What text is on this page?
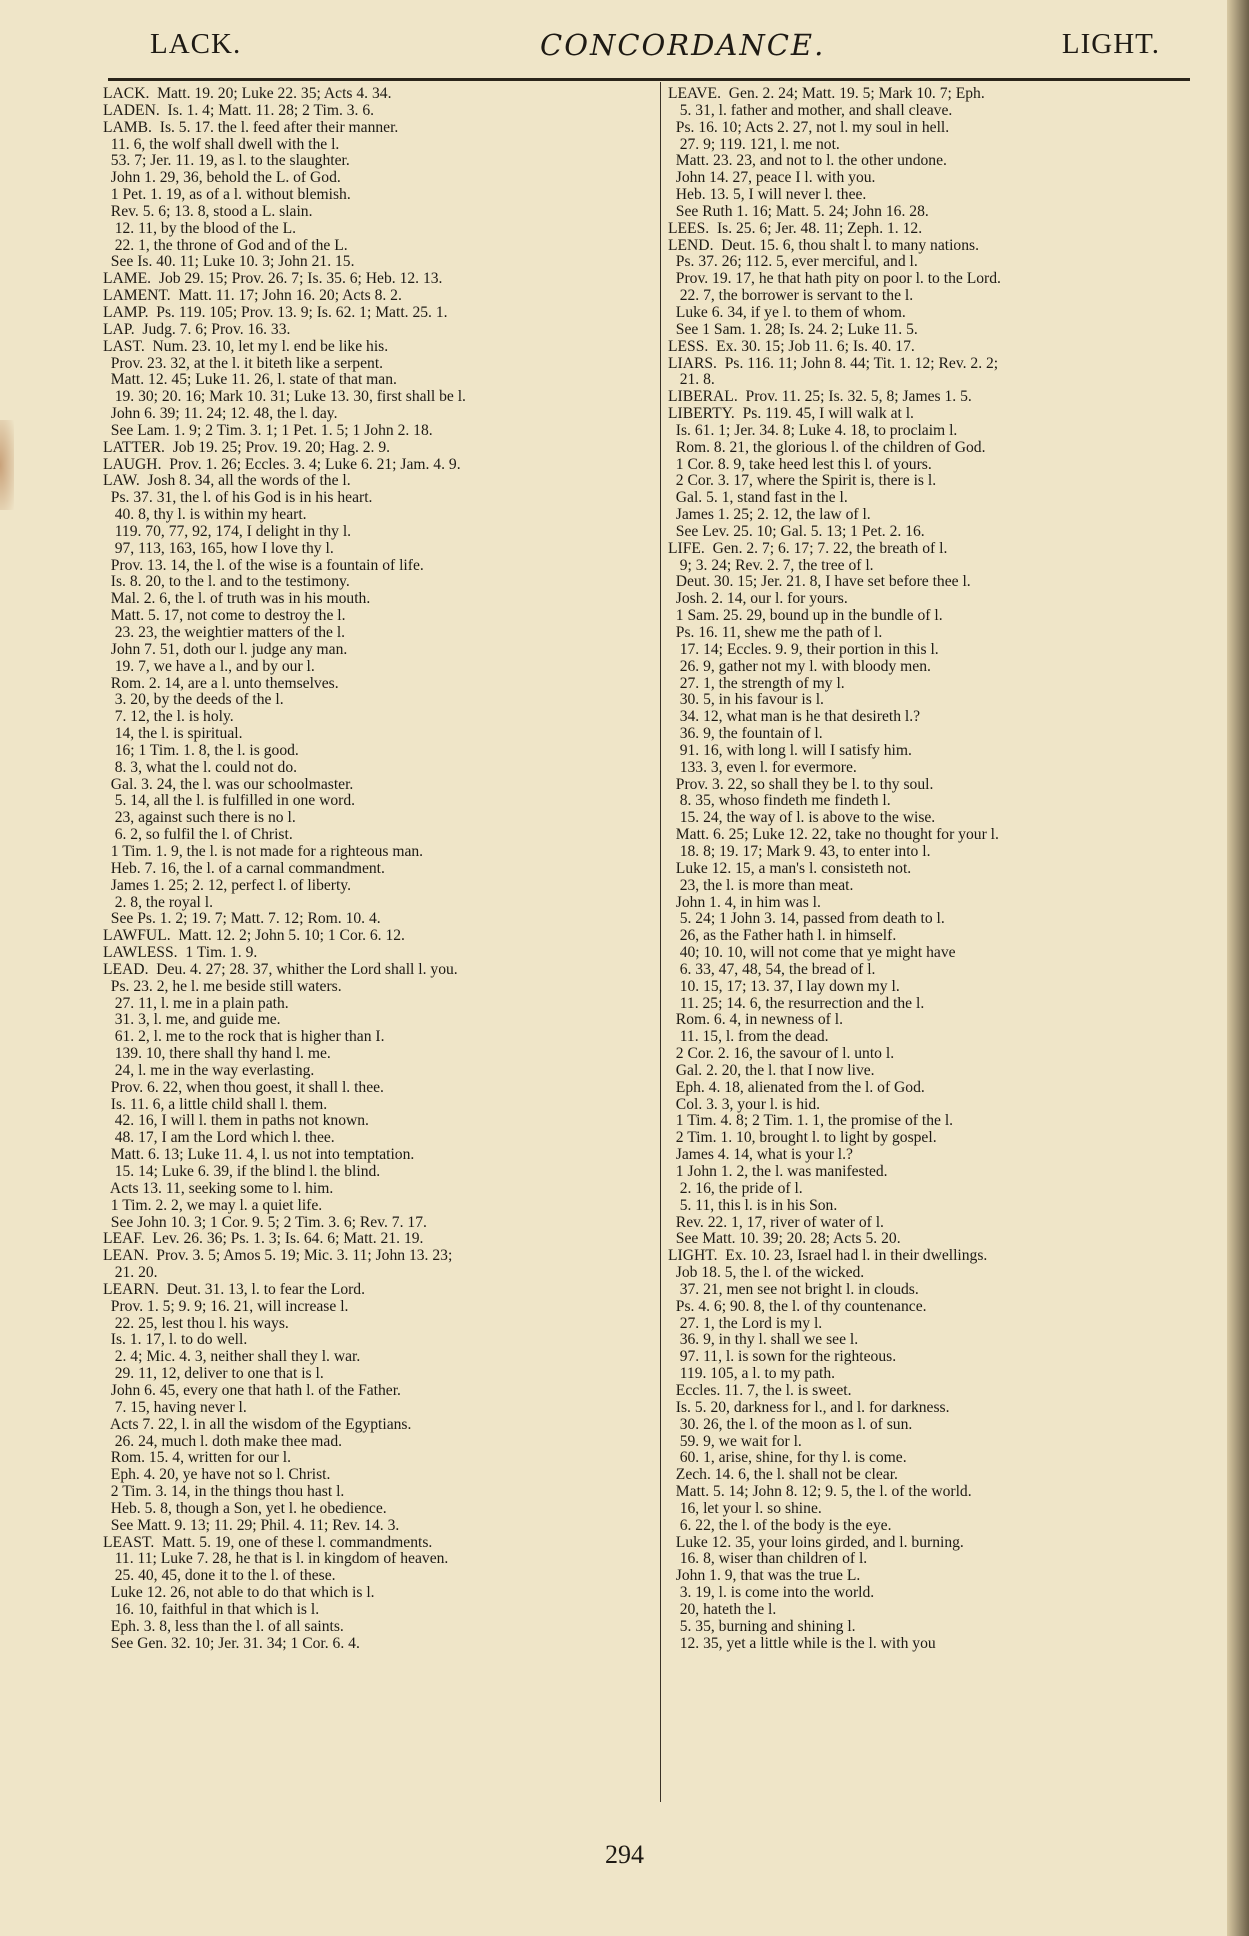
LACK.	CONCORDANCE.	LIGHT.
LACK.  Matt. 19. 20; Luke 22. 35; Acts 4. 34.
LADEN.  Is. 1. 4; Matt. 11. 28; 2 Tim. 3. 6.
LAMB.  Is. 5. 17. the l. feed after their manner.
11. 6, the wolf shall dwell with the l.
53. 7; Jer. 11. 19, as l. to the slaughter.
John 1. 29, 36, behold the L. of God.
1 Pet. 1. 19, as of a l. without blemish.
Rev. 5. 6; 13. 8, stood a L. slain.
12. 11, by the blood of the L.
22. 1, the throne of God and of the L.
See Is. 40. 11; Luke 10. 3; John 21. 15.
LAME.  Job 29. 15; Prov. 26. 7; Is. 35. 6; Heb. 12. 13.
LAMENT.  Matt. 11. 17; John 16. 20; Acts 8. 2.
LAMP.  Ps. 119. 105; Prov. 13. 9; Is. 62. 1; Matt. 25. 1.
LAP.  Judg. 7. 6; Prov. 16. 33.
LAST.  Num. 23. 10, let my l. end be like his.
Prov. 23. 32, at the l. it biteth like a serpent.
Matt. 12. 45; Luke 11. 26, l. state of that man.
19. 30; 20. 16; Mark 10. 31; Luke 13. 30, first shall be l.
John 6. 39; 11. 24; 12. 48, the l. day.
See Lam. 1. 9; 2 Tim. 3. 1; 1 Pet. 1. 5; 1 John 2. 18.
LATTER.  Job 19. 25; Prov. 19. 20; Hag. 2. 9.
LAUGH.  Prov. 1. 26; Eccles. 3. 4; Luke 6. 21; Jam. 4. 9.
LAW.  Josh 8. 34, all the words of the l.
Ps. 37. 31, the l. of his God is in his heart.
40. 8, thy l. is within my heart.
119. 70, 77, 92, 174, I delight in thy l.
97, 113, 163, 165, how I love thy l.
Prov. 13. 14, the l. of the wise is a fountain of life.
Is. 8. 20, to the l. and to the testimony.
Mal. 2. 6, the l. of truth was in his mouth.
Matt. 5. 17, not come to destroy the l.
23. 23, the weightier matters of the l.
John 7. 51, doth our l. judge any man.
19. 7, we have a l., and by our l.
Rom. 2. 14, are a l. unto themselves.
3. 20, by the deeds of the l.
7. 12, the l. is holy.
14, the l. is spiritual.
16; 1 Tim. 1. 8, the l. is good.
8. 3, what the l. could not do.
Gal. 3. 24, the l. was our schoolmaster.
5. 14, all the l. is fulfilled in one word.
23, against such there is no l.
6. 2, so fulfil the l. of Christ.
1 Tim. 1. 9, the l. is not made for a righteous man.
Heb. 7. 16, the l. of a carnal commandment.
James 1. 25; 2. 12, perfect l. of liberty.
2. 8, the royal l.
See Ps. 1. 2; 19. 7; Matt. 7. 12; Rom. 10. 4.
LAWFUL.  Matt. 12. 2; John 5. 10; 1 Cor. 6. 12.
LAWLESS.  1 Tim. 1. 9.
LEAD.  Deu. 4. 27; 28. 37, whither the Lord shall l. you.
Ps. 23. 2, he l. me beside still waters.
27. 11, l. me in a plain path.
31. 3, l. me, and guide me.
61. 2, l. me to the rock that is higher than I.
139. 10, there shall thy hand l. me.
24, l. me in the way everlasting.
Prov. 6. 22, when thou goest, it shall l. thee.
Is. 11. 6, a little child shall l. them.
42. 16, I will l. them in paths not known.
48. 17, I am the Lord which l. thee.
Matt. 6. 13; Luke 11. 4, l. us not into temptation.
15. 14; Luke 6. 39, if the blind l. the blind.
Acts 13. 11, seeking some to l. him.
1 Tim. 2. 2, we may l. a quiet life.
See John 10. 3; 1 Cor. 9. 5; 2 Tim. 3. 6; Rev. 7. 17.
LEAF.  Lev. 26. 36; Ps. 1. 3; Is. 64. 6; Matt. 21. 19.
LEAN.  Prov. 3. 5; Amos 5. 19; Mic. 3. 11; John 13. 23;
21. 20.
LEARN.  Deut. 31. 13, l. to fear the Lord.
Prov. 1. 5; 9. 9; 16. 21, will increase l.
22. 25, lest thou l. his ways.
Is. 1. 17, l. to do well.
2. 4; Mic. 4. 3, neither shall they l. war.
29. 11, 12, deliver to one that is l.
John 6. 45, every one that hath l. of the Father.
7. 15, having never l.
Acts 7. 22, l. in all the wisdom of the Egyptians.
26. 24, much l. doth make thee mad.
Rom. 15. 4, written for our l.
Eph. 4. 20, ye have not so l. Christ.
2 Tim. 3. 14, in the things thou hast l.
Heb. 5. 8, though a Son, yet l. he obedience.
See Matt. 9. 13; 11. 29; Phil. 4. 11; Rev. 14. 3.
LEAST.  Matt. 5. 19, one of these l. commandments.
11. 11; Luke 7. 28, he that is l. in kingdom of heaven.
25. 40, 45, done it to the l. of these.
Luke 12. 26, not able to do that which is l.
16. 10, faithful in that which is l.
Eph. 3. 8, less than the l. of all saints.
See Gen. 32. 10; Jer. 31. 34; 1 Cor. 6. 4.
LEAVE.  Gen. 2. 24; Matt. 19. 5; Mark 10. 7; Eph.
5. 31, l. father and mother, and shall cleave.
Ps. 16. 10; Acts 2. 27, not l. my soul in hell.
27. 9; 119. 121, l. me not.
Matt. 23. 23, and not to l. the other undone.
John 14. 27, peace I l. with you.
Heb. 13. 5, I will never l. thee.
See Ruth 1. 16; Matt. 5. 24; John 16. 28.
LEES.  Is. 25. 6; Jer. 48. 11; Zeph. 1. 12.
LEND.  Deut. 15. 6, thou shalt l. to many nations.
Ps. 37. 26; 112. 5, ever merciful, and l.
Prov. 19. 17, he that hath pity on poor l. to the Lord.
22. 7, the borrower is servant to the l.
Luke 6. 34, if ye l. to them of whom.
See 1 Sam. 1. 28; Is. 24. 2; Luke 11. 5.
LESS.  Ex. 30. 15; Job 11. 6; Is. 40. 17.
LIARS.  Ps. 116. 11; John 8. 44; Tit. 1. 12; Rev. 2. 2;
21. 8.
LIBERAL.  Prov. 11. 25; Is. 32. 5, 8; James 1. 5.
LIBERTY.  Ps. 119. 45, I will walk at l.
Is. 61. 1; Jer. 34. 8; Luke 4. 18, to proclaim l.
Rom. 8. 21, the glorious l. of the children of God.
1 Cor. 8. 9, take heed lest this l. of yours.
2 Cor. 3. 17, where the Spirit is, there is l.
Gal. 5. 1, stand fast in the l.
James 1. 25; 2. 12, the law of l.
See Lev. 25. 10; Gal. 5. 13; 1 Pet. 2. 16.
LIFE.  Gen. 2. 7; 6. 17; 7. 22, the breath of l.
9; 3. 24; Rev. 2. 7, the tree of l.
Deut. 30. 15; Jer. 21. 8, I have set before thee l.
Josh. 2. 14, our l. for yours.
1 Sam. 25. 29, bound up in the bundle of l.
Ps. 16. 11, shew me the path of l.
17. 14; Eccles. 9. 9, their portion in this l.
26. 9, gather not my l. with bloody men.
27. 1, the strength of my l.
30. 5, in his favour is l.
34. 12, what man is he that desireth l.?
36. 9, the fountain of l.
91. 16, with long l. will I satisfy him.
133. 3, even l. for evermore.
Prov. 3. 22, so shall they be l. to thy soul.
8. 35, whoso findeth me findeth l.
15. 24, the way of l. is above to the wise.
Matt. 6. 25; Luke 12. 22, take no thought for your l.
18. 8; 19. 17; Mark 9. 43, to enter into l.
Luke 12. 15, a man's l. consisteth not.
23, the l. is more than meat.
John 1. 4, in him was l.
5. 24; 1 John 3. 14, passed from death to l.
26, as the Father hath l. in himself.
40; 10. 10, will not come that ye might have
6. 33, 47, 48, 54, the bread of l.
10. 15, 17; 13. 37, I lay down my l.
11. 25; 14. 6, the resurrection and the l.
Rom. 6. 4, in newness of l.
11. 15, l. from the dead.
2 Cor. 2. 16, the savour of l. unto l.
Gal. 2. 20, the l. that I now live.
Eph. 4. 18, alienated from the l. of God.
Col. 3. 3, your l. is hid.
1 Tim. 4. 8; 2 Tim. 1. 1, the promise of the l.
2 Tim. 1. 10, brought l. to light by gospel.
James 4. 14, what is your l.?
1 John 1. 2, the l. was manifested.
2. 16, the pride of l.
5. 11, this l. is in his Son.
Rev. 22. 1, 17, river of water of l.
See Matt. 10. 39; 20. 28; Acts 5. 20.
LIGHT.  Ex. 10. 23, Israel had l. in their dwellings.
Job 18. 5, the l. of the wicked.
37. 21, men see not bright l. in clouds.
Ps. 4. 6; 90. 8, the l. of thy countenance.
27. 1, the Lord is my l.
36. 9, in thy l. shall we see l.
97. 11, l. is sown for the righteous.
119. 105, a l. to my path.
Eccles. 11. 7, the l. is sweet.
Is. 5. 20, darkness for l., and l. for darkness.
30. 26, the l. of the moon as l. of sun.
59. 9, we wait for l.
60. 1, arise, shine, for thy l. is come.
Zech. 14. 6, the l. shall not be clear.
Matt. 5. 14; John 8. 12; 9. 5, the l. of the world.
16, let your l. so shine.
6. 22, the l. of the body is the eye.
Luke 12. 35, your loins girded, and l. burning.
16. 8, wiser than children of l.
John 1. 9, that was the true L.
3. 19, l. is come into the world.
20, hateth the l.
5. 35, burning and shining l.
12. 35, yet a little while is the l. with you
294
